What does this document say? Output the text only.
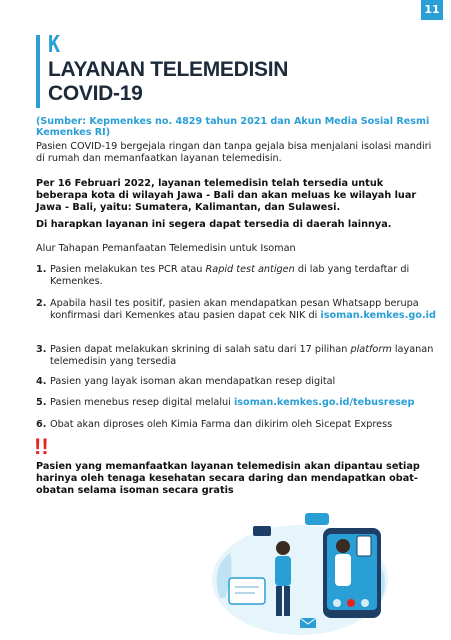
11
K
LAYANAN TELEMEDISIN
COVID-19
(Sumber: Kepmenkes no. 4829 tahun 2021 dan Akun Media Sosial Resmi Kemenkes RI)
Pasien COVID-19 bergejala ringan dan tanpa gejala bisa menjalani isolasi mandiri di rumah dan memanfaatkan layanan telemedisin.
Per 16 Februari 2022, layanan telemedisin telah tersedia untuk beberapa kota di wilayah Jawa - Bali dan akan meluas ke wilayah luar Jawa - Bali, yaitu: Sumatera, Kalimantan, dan Sulawesi.
Di harapkan layanan ini segera dapat tersedia di daerah lainnya.
Alur Tahapan Pemanfaatan Telemedisin untuk Isoman
1. Pasien melakukan tes PCR atau Rapid test antigen di lab yang terdaftar di Kemenkes.
2. Apabila hasil tes positif, pasien akan mendapatkan pesan Whatsapp berupa konfirmasi dari Kemenkes atau pasien dapat cek NIK di isoman.kemkes.go.id
3. Pasien dapat melakukan skrining di salah satu dari 17 pilihan platform layanan telemedisin yang tersedia
4. Pasien yang layak isoman akan mendapatkan resep digital
5. Pasien menebus resep digital melalui isoman.kemkes.go.id/tebusresep
6. Obat akan diproses oleh Kimia Farma dan dikirim oleh Sicepat Express
!!
Pasien yang memanfaatkan layanan telemedisin akan dipantau setiap harinya oleh tenaga kesehatan secara daring dan mendapatkan obat-obatan selama isoman secara gratis
